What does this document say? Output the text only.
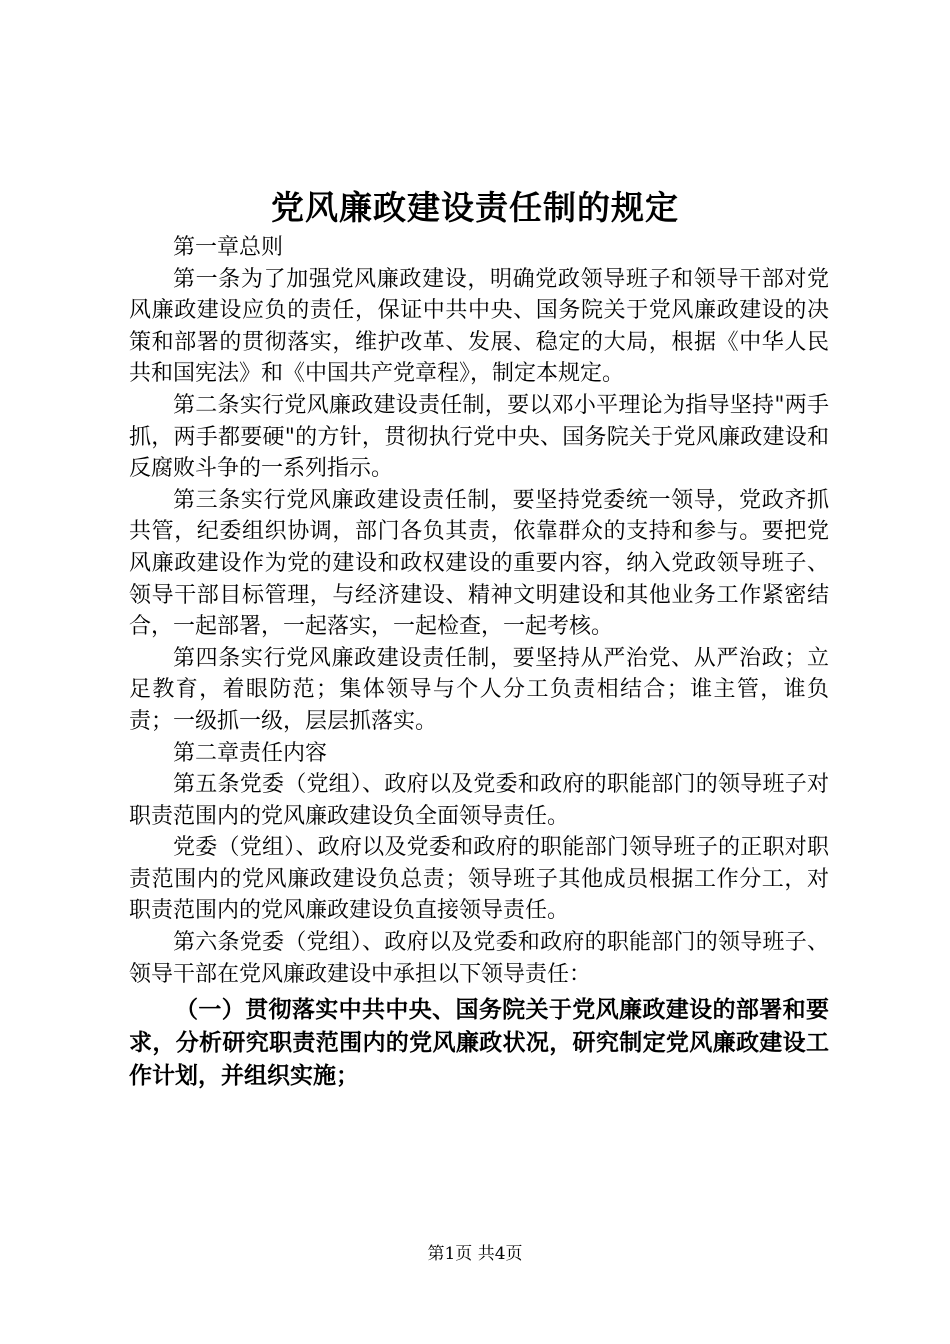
党风廉政建设责任制的规定

第一章总则

第一条为了加强党风廉政建设，明确党政领导班子和领导干部对党风廉政建设应负的责任，保证中共中央、国务院关于党风廉政建设的决策和部署的贯彻落实，维护改革、发展、稳定的大局，根据《中华人民共和国宪法》和《中国共产党章程》，制定本规定。

第二条实行党风廉政建设责任制，要以邓小平理论为指导坚持"两手抓，两手都要硬"的方针，贯彻执行党中央、国务院关于党风廉政建设和反腐败斗争的一系列指示。

第三条实行党风廉政建设责任制，要坚持党委统一领导，党政齐抓共管，纪委组织协调，部门各负其责，依靠群众的支持和参与。要把党风廉政建设作为党的建设和政权建设的重要内容，纳入党政领导班子、领导干部目标管理，与经济建设、精神文明建设和其他业务工作紧密结合，一起部署，一起落实，一起检查，一起考核。

第四条实行党风廉政建设责任制，要坚持从严治党、从严治政；立足教育，着眼防范；集体领导与个人分工负责相结合；谁主管，谁负责；一级抓一级，层层抓落实。

第二章责任内容

第五条党委（党组）、政府以及党委和政府的职能部门的领导班子对职责范围内的党风廉政建设负全面领导责任。

党委（党组）、政府以及党委和政府的职能部门领导班子的正职对职责范围内的党风廉政建设负总责；领导班子其他成员根据工作分工，对职责范围内的党风廉政建设负直接领导责任。

第六条党委（党组）、政府以及党委和政府的职能部门的领导班子、领导干部在党风廉政建设中承担以下领导责任：

（一）贯彻落实中共中央、国务院关于党风廉政建设的部署和要求，分析研究职责范围内的党风廉政状况，研究制定党风廉政建设工作计划，并组织实施；

第1页 共4页
